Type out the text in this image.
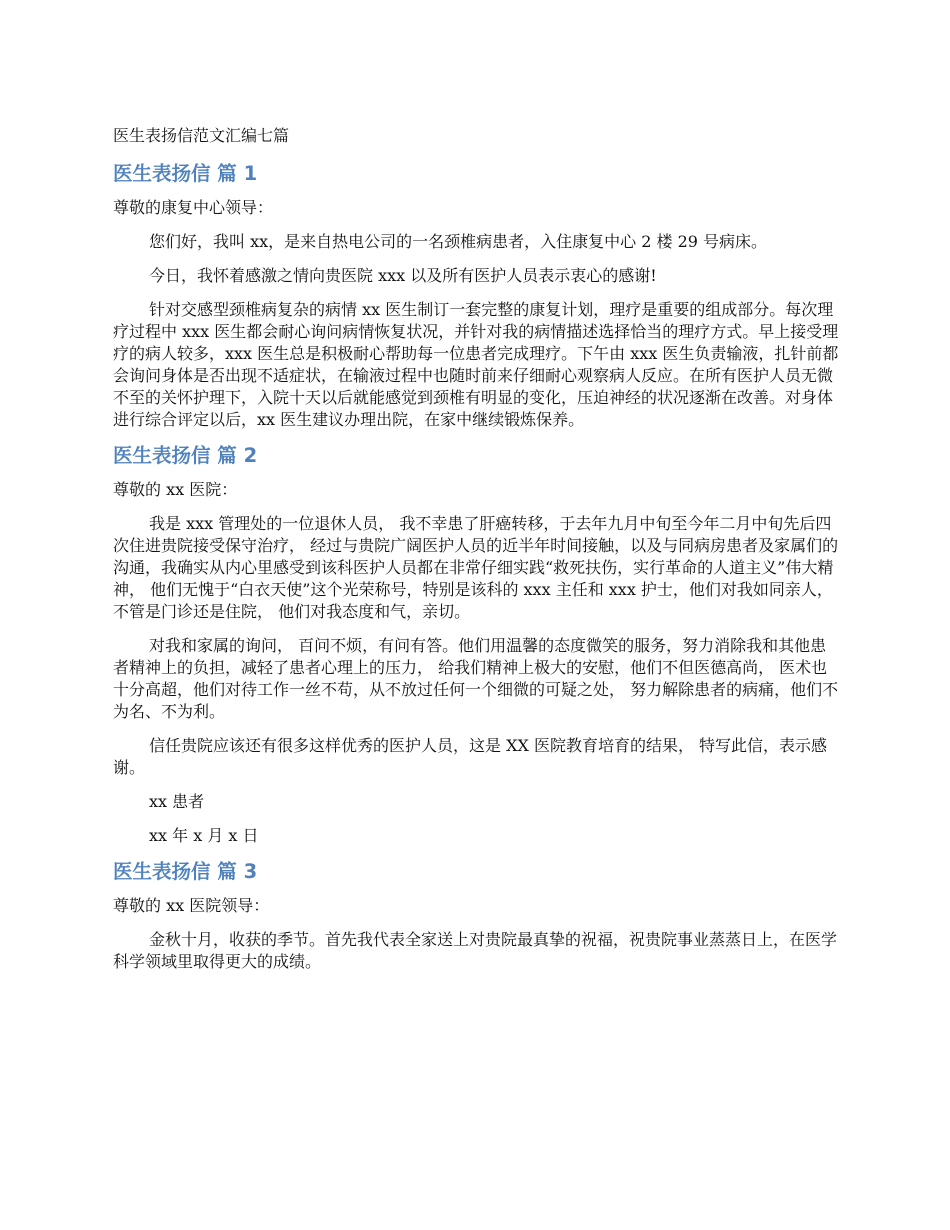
医生表扬信范文汇编七篇
医生表扬信 篇 1

尊敬的康复中心领导：

您们好，我叫 xx，是来自热电公司的一名颈椎病患者，入住康复中心 2 楼 29 号病床。

今日，我怀着感激之情向贵医院 xxx 以及所有医护人员表示衷心的感谢!

针对交感型颈椎病复杂的病情 xx 医生制订一套完整的康复计划，理疗是重要的组成部分。每次理疗过程中 xxx 医生都会耐心询问病情恢复状况，并针对我的病情描述选择恰当的理疗方式。早上接受理疗的病人较多，xxx 医生总是积极耐心帮助每一位患者完成理疗。下午由 xxx 医生负责输液，扎针前都会询问身体是否出现不适症状，在输液过程中也随时前来仔细耐心观察病人反应。在所有医护人员无微不至的关怀护理下，入院十天以后就能感觉到颈椎有明显的变化，压迫神经的状况逐渐在改善。对身体进行综合评定以后，xx 医生建议办理出院，在家中继续锻炼保养。

医生表扬信 篇 2

尊敬的 xx 医院：

我是 xxx 管理处的一位退休人员， 我不幸患了肝癌转移，于去年九月中旬至今年二月中旬先后四次住进贵院接受保守治疗， 经过与贵院广阔医护人员的近半年时间接触，以及与同病房患者及家属们的沟通，我确实从内心里感受到该科医护人员都在非常仔细实践“救死扶伤，实行革命的人道主义”伟大精神， 他们无愧于“白衣天使”这个光荣称号，特别是该科的 xxx 主任和 xxx 护士，他们对我如同亲人，不管是门诊还是住院， 他们对我态度和气，亲切。

对我和家属的询问， 百问不烦，有问有答。他们用温馨的态度微笑的服务，努力消除我和其他患者精神上的负担，减轻了患者心理上的压力， 给我们精神上极大的安慰，他们不但医德高尚， 医术也十分高超，他们对待工作一丝不苟，从不放过任何一个细微的可疑之处， 努力解除患者的病痛，他们不为名、不为利。

信任贵院应该还有很多这样优秀的医护人员，这是 XX 医院教育培育的结果， 特写此信，表示感谢。

xx 患者

xx 年 x 月 x 日

医生表扬信 篇 3

尊敬的 xx 医院领导：

金秋十月，收获的季节。首先我代表全家送上对贵院最真挚的祝福，祝贵院事业蒸蒸日上，在医学科学领域里取得更大的成绩。
